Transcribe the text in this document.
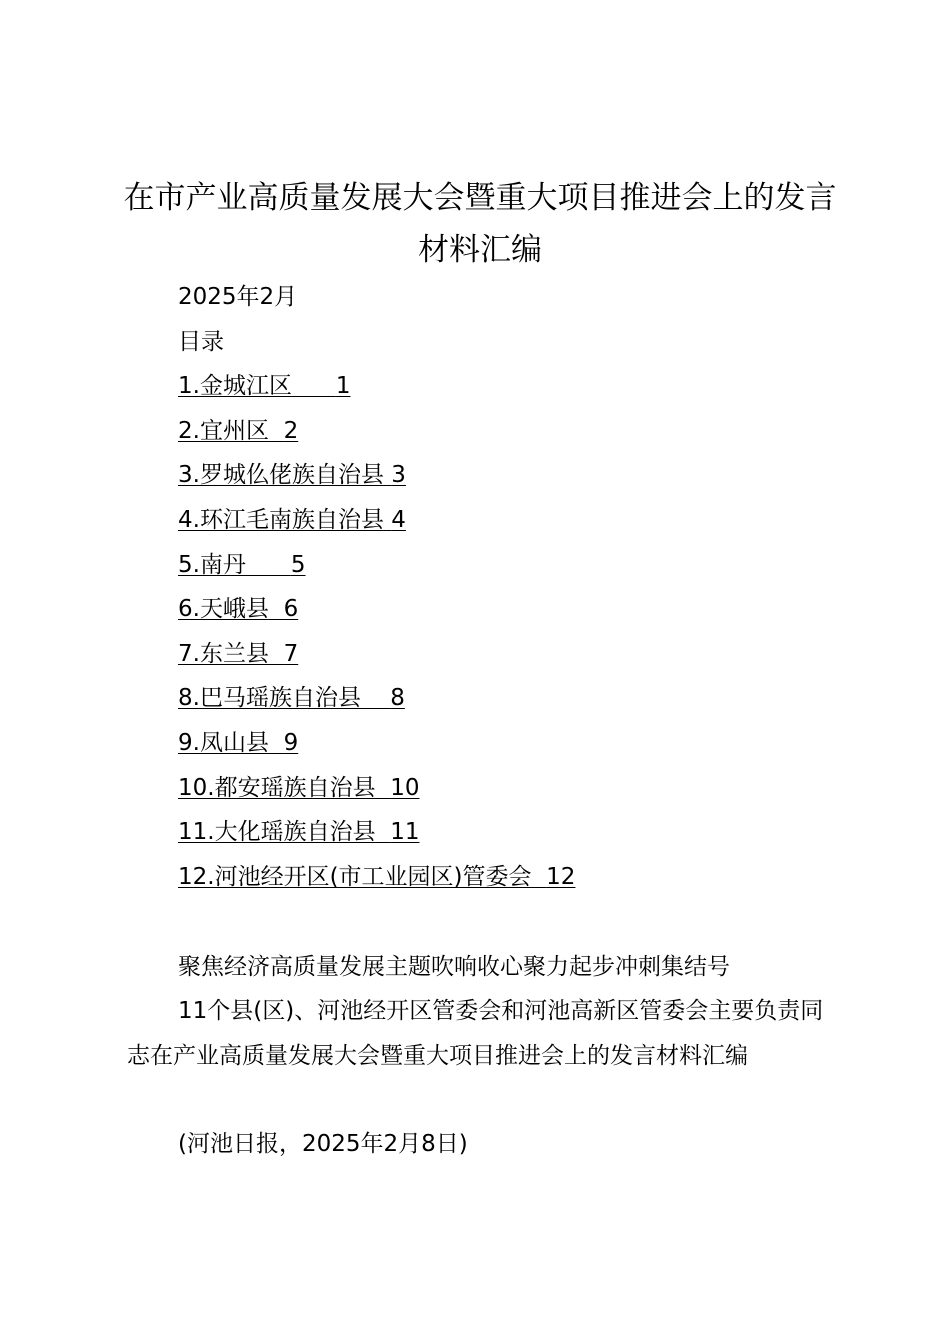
在市产业高质量发展大会暨重大项目推进会上的发言材料汇编
2025年2月
目录
1.金城江区 1
2.宜州区 2
3.罗城仫佬族自治县 3
4.环江毛南族自治县 4
5.南丹    5
6.天峨县 6
7.东兰县 7
8.巴马瑶族自治县 8
9.凤山县 9
10.都安瑶族自治县 10
11.大化瑶族自治县 11
12.河池经开区(市工业园区)管委会 12
聚焦经济高质量发展主题吹响收心聚力起步冲刺集结号

11个县(区)、河池经开区管委会和河池高新区管委会主要负责同志在产业高质量发展大会暨重大项目推进会上的发言材料汇编

(河池日报，2025年2月8日)
